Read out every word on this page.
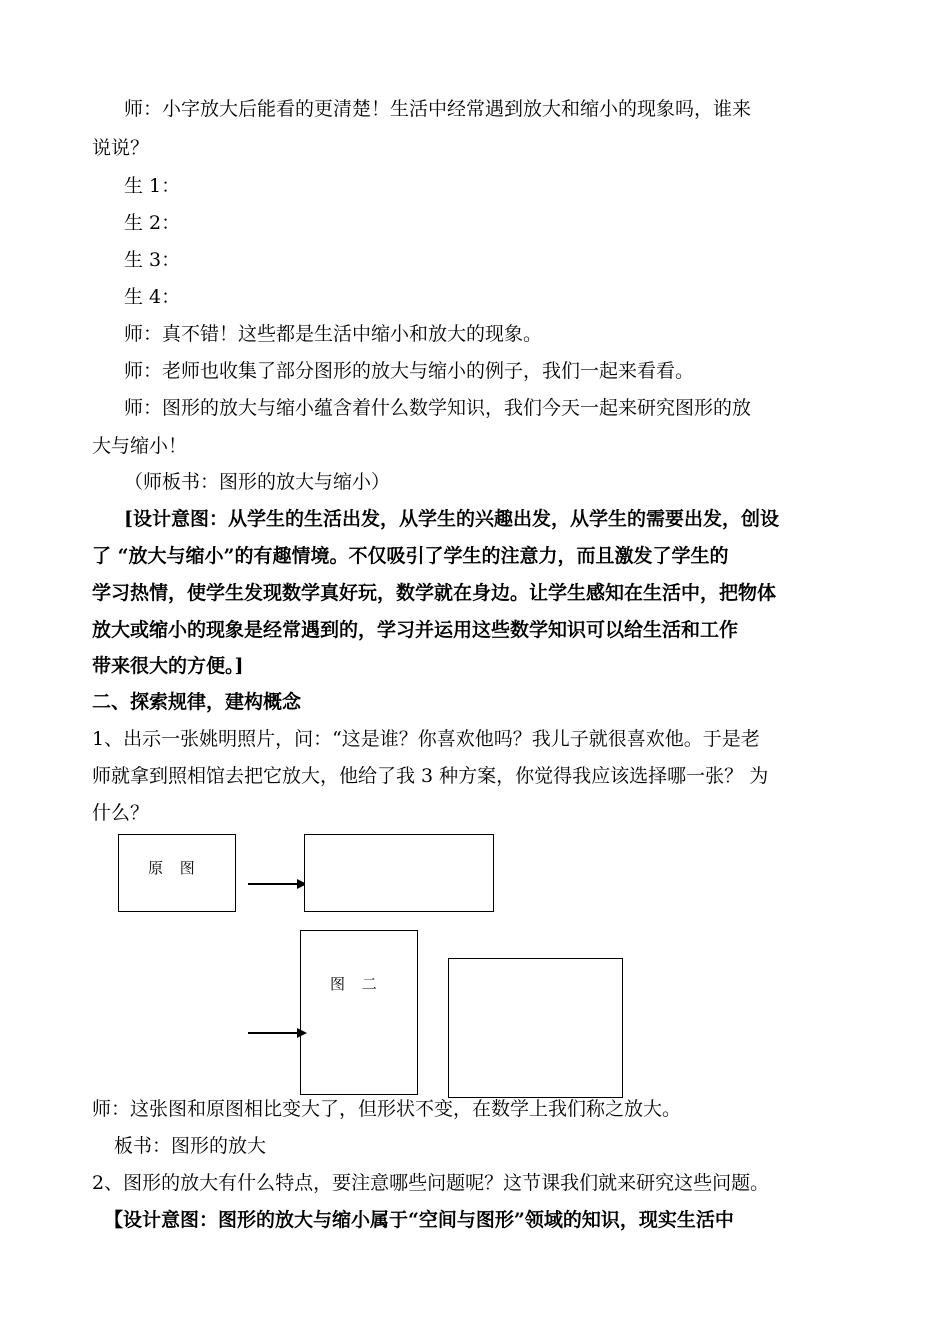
师：小字放大后能看的更清楚！生活中经常遇到放大和缩小的现象吗，谁来
说说？
生 1：
生 2：
生 3：
生 4：
师：真不错！这些都是生活中缩小和放大的现象。
师：老师也收集了部分图形的放大与缩小的例子，我们一起来看看。
师：图形的放大与缩小蕴含着什么数学知识，我们今天一起来研究图形的放
大与缩小！
（师板书：图形的放大与缩小）
[设计意图：从学生的生活出发，从学生的兴趣出发，从学生的需要出发，创设
了 “放大与缩小”的有趣情境。不仅吸引了学生的注意力，而且激发了学生的
学习热情，使学生发现数学真好玩，数学就在身边。让学生感知在生活中，把物体
放大或缩小的现象是经常遇到的，学习并运用这些数学知识可以给生活和工作
带来很大的方便。]
二、探索规律，建构概念
1、出示一张姚明照片，问：“这是谁？你喜欢他吗？我儿子就很喜欢他。于是老
师就拿到照相馆去把它放大，他给了我 3 种方案，你觉得我应该选择哪一张？ 为
什么？
原 图
图 二
师：这张图和原图相比变大了，但形状不变，在数学上我们称之放大。
板书：图形的放大
2、图形的放大有什么特点，要注意哪些问题呢？这节课我们就来研究这些问题。
【设计意图：图形的放大与缩小属于“空间与图形”领域的知识，现实生活中
